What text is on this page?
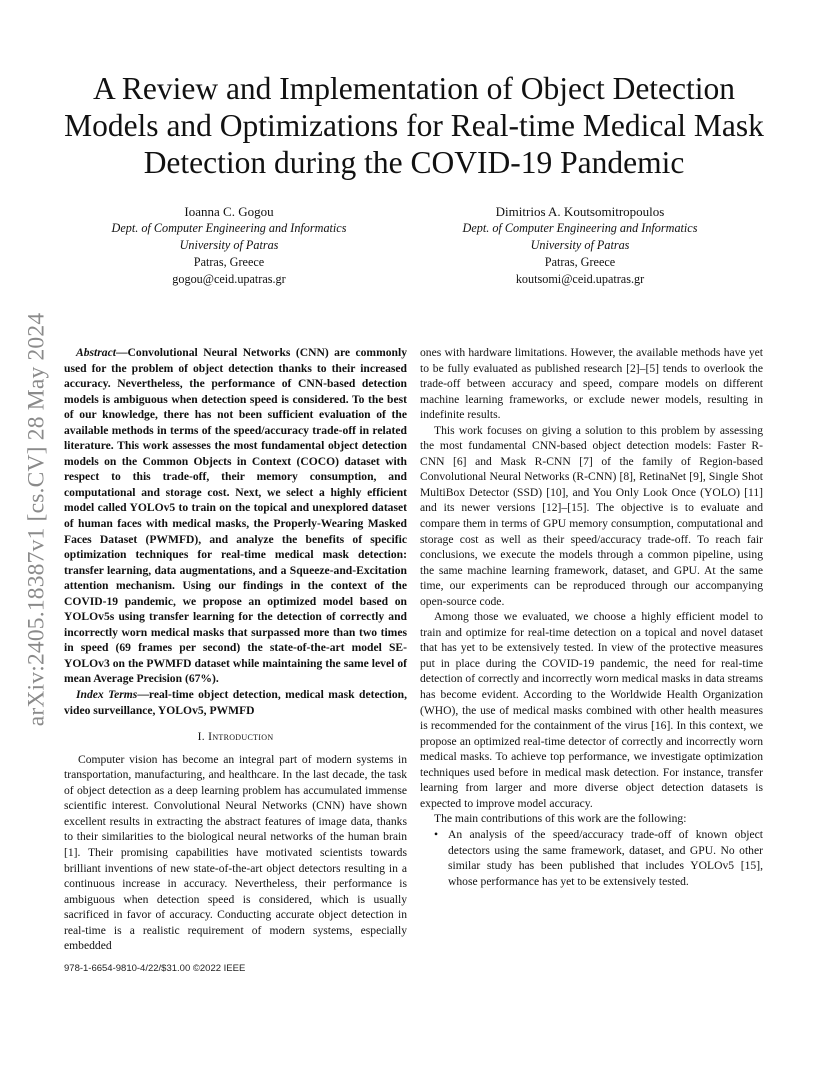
arXiv:2405.18387v1 [cs.CV] 28 May 2024
A Review and Implementation of Object Detection Models and Optimizations for Real-time Medical Mask Detection during the COVID-19 Pandemic
Ioanna C. Gogou
Dept. of Computer Engineering and Informatics
University of Patras
Patras, Greece
gogou@ceid.upatras.gr
Dimitrios A. Koutsomitropoulos
Dept. of Computer Engineering and Informatics
University of Patras
Patras, Greece
koutsomi@ceid.upatras.gr

Abstract—Convolutional Neural Networks (CNN) are commonly used for the problem of object detection thanks to their increased accuracy. Nevertheless, the performance of CNN-based detection models is ambiguous when detection speed is considered. To the best of our knowledge, there has not been sufficient evaluation of the available methods in terms of the speed/accuracy trade-off in related literature. This work assesses the most fundamental object detection models on the Common Objects in Context (COCO) dataset with respect to this trade-off, their memory consumption, and computational and storage cost. Next, we select a highly efficient model called YOLOv5 to train on the topical and unexplored dataset of human faces with medical masks, the Properly-Wearing Masked Faces Dataset (PWMFD), and analyze the benefits of specific optimization techniques for real-time medical mask detection: transfer learning, data augmentations, and a Squeeze-and-Excitation attention mechanism. Using our findings in the context of the COVID-19 pandemic, we propose an optimized model based on YOLOv5s using transfer learning for the detection of correctly and incorrectly worn medical masks that surpassed more than two times in speed (69 frames per second) the state-of-the-art model SE-YOLOv3 on the PWMFD dataset while maintaining the same level of mean Average Precision (67%).

Index Terms—real-time object detection, medical mask detection, video surveillance, YOLOv5, PWMFD

I. Introduction

Computer vision has become an integral part of modern systems in transportation, manufacturing, and healthcare. In the last decade, the task of object detection as a deep learning problem has accumulated immense scientific interest. Convolutional Neural Networks (CNN) have shown excellent results in extracting the abstract features of image data, thanks to their similarities to the biological neural networks of the human brain [1]. Their promising capabilities have motivated scientists towards brilliant inventions of new state-of-the-art object detectors resulting in a continuous increase in accuracy. Nevertheless, their performance is ambiguous when detection speed is considered, which is usually sacrificed in favor of accuracy. Conducting accurate object detection in real-time is a realistic requirement of modern systems, especially embedded

ones with hardware limitations. However, the available methods have yet to be fully evaluated as published research [2]–[5] tends to overlook the trade-off between accuracy and speed, compare models on different machine learning frameworks, or exclude newer models, resulting in indefinite results.

This work focuses on giving a solution to this problem by assessing the most fundamental CNN-based object detection models: Faster R-CNN [6] and Mask R-CNN [7] of the family of Region-based Convolutional Neural Networks (R-CNN) [8], RetinaNet [9], Single Shot MultiBox Detector (SSD) [10], and You Only Look Once (YOLO) [11] and its newer versions [12]–[15]. The objective is to evaluate and compare them in terms of GPU memory consumption, computational and storage cost as well as their speed/accuracy trade-off. To reach fair conclusions, we execute the models through a common pipeline, using the same machine learning framework, dataset, and GPU. At the same time, our experiments can be reproduced through our accompanying open-source code.

Among those we evaluated, we choose a highly efficient model to train and optimize for real-time detection on a topical and novel dataset that has yet to be extensively tested. In view of the protective measures put in place during the COVID-19 pandemic, the need for real-time detection of correctly and incorrectly worn medical masks in data streams has become evident. According to the Worldwide Health Organization (WHO), the use of medical masks combined with other health measures is recommended for the containment of the virus [16]. In this context, we propose an optimized real-time detector of correctly and incorrectly worn medical masks. To achieve top performance, we investigate optimization techniques used before in medical mask detection. For instance, transfer learning from larger and more diverse object detection datasets is expected to improve model accuracy.

The main contributions of this work are the following:

• An analysis of the speed/accuracy trade-off of known object detectors using the same framework, dataset, and GPU. No other similar study has been published that includes YOLOv5 [15], whose performance has yet to be extensively tested.
978-1-6654-9810-4/22/$31.00 ©2022 IEEE
